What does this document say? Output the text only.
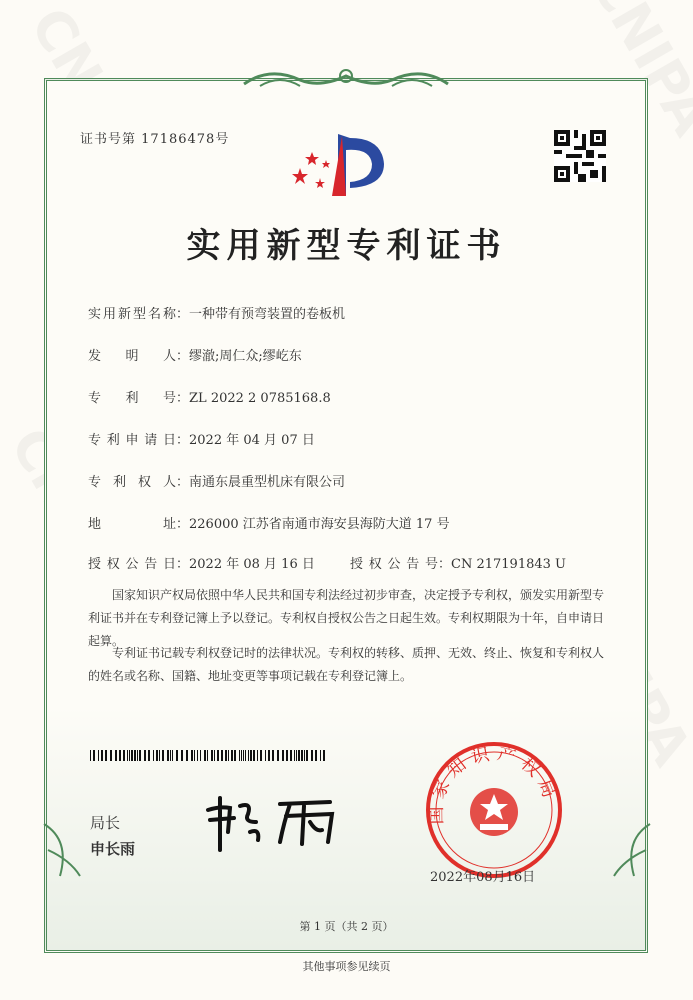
证书号第 17186478号
实用新型专利证书
实用新型名称：一种带有预弯装置的卷板机
发明人：缪澈;周仁众;缪屹东
专利号：ZL 2022 2 0785168.8
专利申请日：2022 年 04 月 07 日
专利权人：南通东晨重型机床有限公司
地址：226000 江苏省南通市海安县海防大道 17 号
授权公告日：2022 年 08 月 16 日	授权公告号：CN 217191843 U
国家知识产权局依照中华人民共和国专利法经过初步审查，决定授予专利权，颁发实用新型专利证书并在专利登记簿上予以登记。专利权自授权公告之日起生效。专利权期限为十年，自申请日起算。
专利证书记载专利权登记时的法律状况。专利权的转移、质押、无效、终止、恢复和专利权人的姓名或名称、国籍、地址变更等事项记载在专利登记簿上。
局长
申长雨
国家知识产权局
2022年08月16日
第 1 页（共 2 页）
其他事项参见续页
